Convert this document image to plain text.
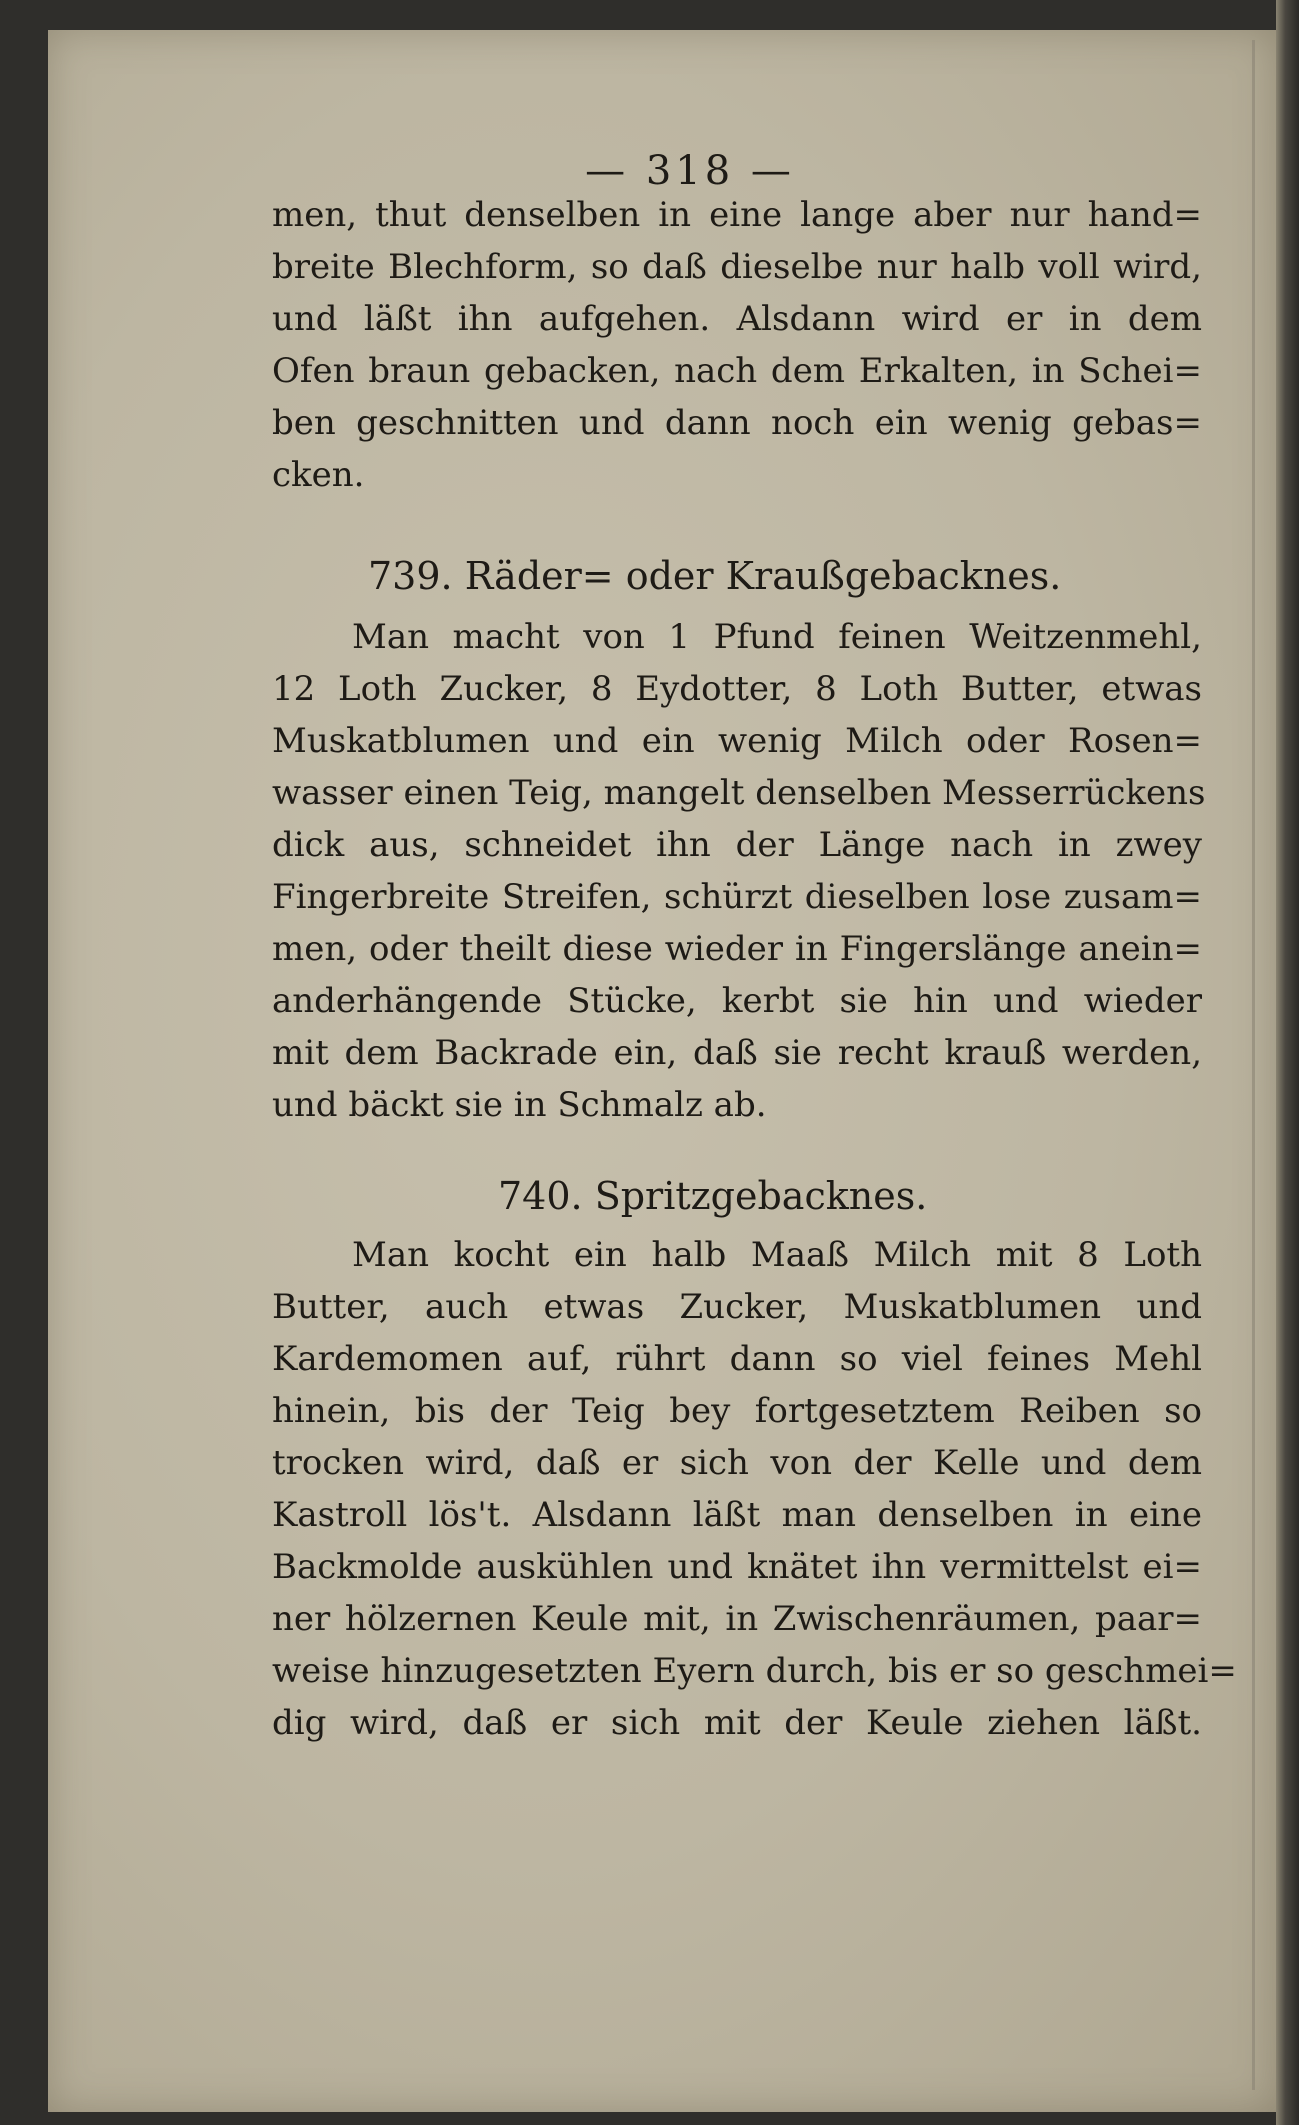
— 318 —
men, thut denselben in eine lange aber nur hand=
breite Blechform, so daß dieselbe nur halb voll wird,
und läßt ihn aufgehen. Alsdann wird er in dem
Ofen braun gebacken, nach dem Erkalten, in Schei=
ben geschnitten und dann noch ein wenig gebas=
cken.
739. Räder= oder Kraußgebacknes.
Man macht von 1 Pfund feinen Weitzenmehl,
12 Loth Zucker, 8 Eydotter, 8 Loth Butter, etwas
Muskatblumen und ein wenig Milch oder Rosen=
wasser einen Teig, mangelt denselben Messerrückens
dick aus, schneidet ihn der Länge nach in zwey
Fingerbreite Streifen, schürzt dieselben lose zusam=
men, oder theilt diese wieder in Fingerslänge anein=
anderhängende Stücke, kerbt sie hin und wieder
mit dem Backrade ein, daß sie recht krauß werden,
und bäckt sie in Schmalz ab.
740. Spritzgebacknes.
Man kocht ein halb Maaß Milch mit 8 Loth
Butter, auch etwas Zucker, Muskatblumen und
Kardemomen auf, rührt dann so viel feines Mehl
hinein, bis der Teig bey fortgesetztem Reiben so
trocken wird, daß er sich von der Kelle und dem
Kastroll lös't. Alsdann läßt man denselben in eine
Backmolde auskühlen und knätet ihn vermittelst ei=
ner hölzernen Keule mit, in Zwischenräumen, paar=
weise hinzugesetzten Eyern durch, bis er so geschmei=
dig wird, daß er sich mit der Keule ziehen läßt.
